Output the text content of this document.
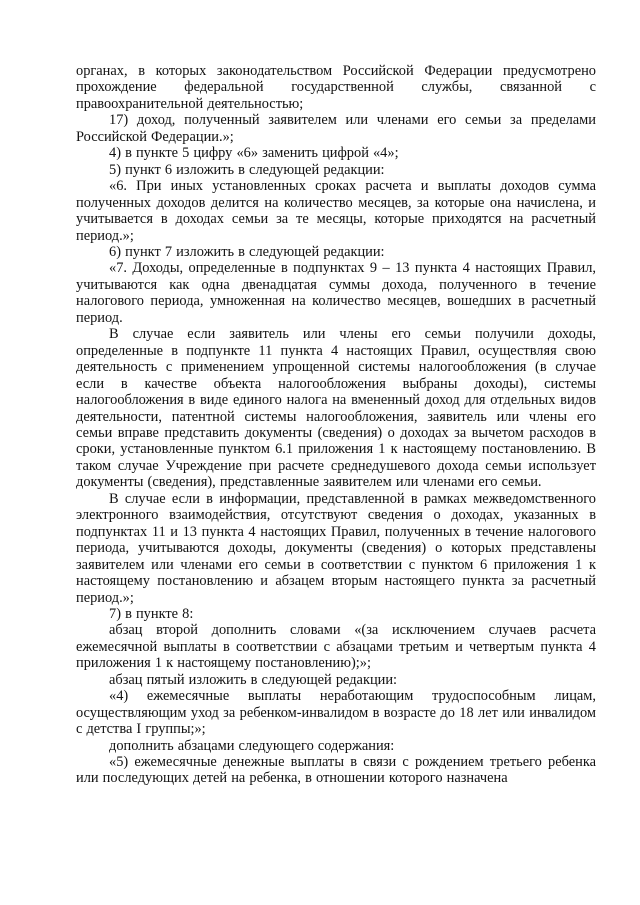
органах, в которых законодательством Российской Федерации предусмотрено прохождение федеральной государственной службы, связанной с правоохранительной деятельностью;

17) доход, полученный заявителем или членами его семьи за пределами Российской Федерации.»;

4) в пункте 5 цифру «6» заменить цифрой «4»;

5) пункт 6 изложить в следующей редакции:

«6. При иных установленных сроках расчета и выплаты доходов сумма полученных доходов делится на количество месяцев, за которые она начислена, и учитывается в доходах семьи за те месяцы, которые приходятся на расчетный период.»;

6) пункт 7 изложить в следующей редакции:

«7. Доходы, определенные в подпунктах 9 – 13 пункта 4 настоящих Правил, учитываются как одна двенадцатая суммы дохода, полученного в течение налогового периода, умноженная на количество месяцев, вошедших в расчетный период.

В случае если заявитель или члены его семьи получили доходы, определенные в подпункте 11 пункта 4 настоящих Правил, осуществляя свою деятельность с применением упрощенной системы налогообложения (в случае если в качестве объекта налогообложения выбраны доходы), системы налогообложения в виде единого налога на вмененный доход для отдельных видов деятельности, патентной системы налогообложения, заявитель или члены его семьи вправе представить документы (сведения) о доходах за вычетом расходов в сроки, установленные пунктом 6.1 приложения 1 к настоящему постановлению. В таком случае Учреждение при расчете среднедушевого дохода семьи использует документы (сведения), представленные заявителем или членами его семьи.

В случае если в информации, представленной в рамках межведомственного электронного взаимодействия, отсутствуют сведения о доходах, указанных в подпунктах 11 и 13 пункта 4 настоящих Правил, полученных в течение налогового периода, учитываются доходы, документы (сведения) о которых представлены заявителем или членами его семьи в соответствии с пунктом 6 приложения 1 к настоящему постановлению и абзацем вторым настоящего пункта за расчетный период.»;

7) в пункте 8:

абзац второй дополнить словами «(за исключением случаев расчета ежемесячной выплаты в соответствии с абзацами третьим и четвертым пункта 4 приложения 1 к настоящему постановлению);»;

абзац пятый изложить в следующей редакции:

«4) ежемесячные выплаты неработающим трудоспособным лицам, осуществляющим уход за ребенком-инвалидом в возрасте до 18 лет или инвалидом с детства I группы;»;

дополнить абзацами следующего содержания:

«5) ежемесячные денежные выплаты в связи с рождением третьего ребенка или последующих детей на ребенка, в отношении которого назначена
